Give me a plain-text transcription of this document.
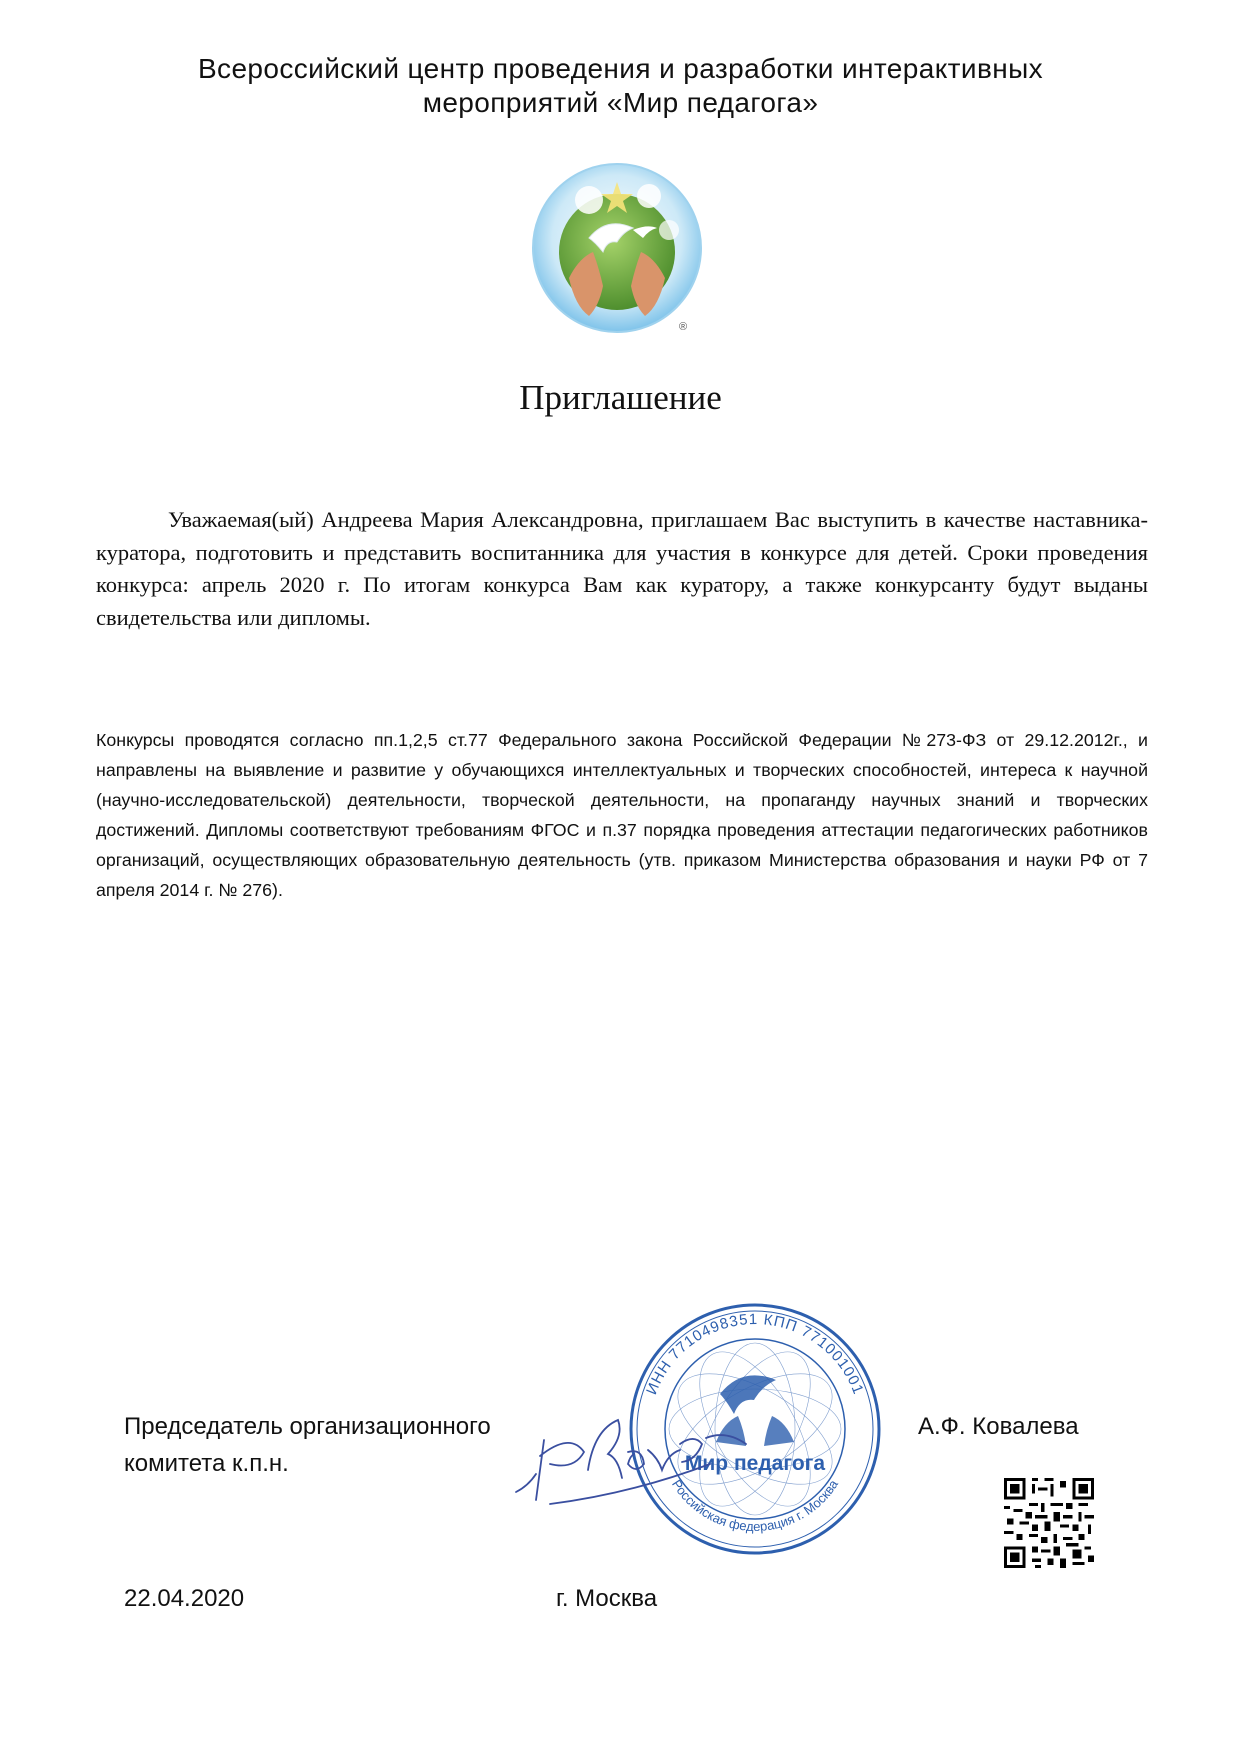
Всероссийский центр проведения и разработки интерактивных
мероприятий «Мир педагога»
®
Приглашение
Уважаемая(ый) Андреева Мария Александровна, приглашаем Вас выступить в качестве наставника-куратора, подготовить и представить воспитанника для участия в конкурсе для детей. Сроки проведения конкурса: апрель 2020 г. По итогам конкурса Вам как куратору, а также конкурсанту будут выданы свидетельства или дипломы.
Конкурсы проводятся согласно пп.1,2,5 ст.77 Федерального закона Российской Федерации №273-ФЗ от 29.12.2012г., и направлены на выявление и развитие у обучающихся интеллектуальных и творческих способностей, интереса к научной (научно-исследовательской) деятельности, творческой деятельности, на пропаганду научных знаний и творческих достижений. Дипломы соответствуют требованиям ФГОС и п.37 порядка проведения аттестации педагогических работников организаций, осуществляющих образовательную деятельность (утв. приказом Министерства образования и науки РФ от 7 апреля 2014 г. № 276).
ИНН 7710498351 КПП 771001001
Российская федерация г. Москва
Мир педагога
Председатель организационного
комитета к.п.н.
А.Ф. Ковалева
22.04.2020	г. Москва
